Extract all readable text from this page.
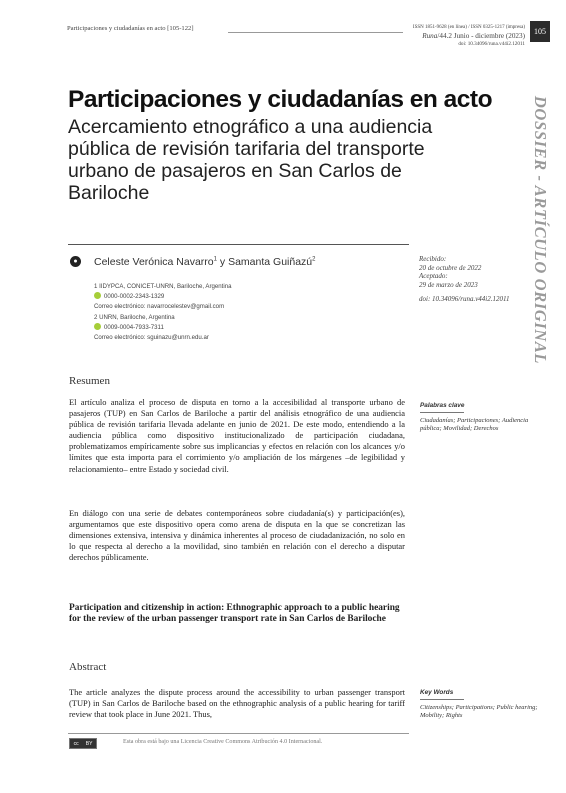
Participaciones y ciudadanías en acto [105-122]	ISSN 1851-9628 (en línea) / ISSN 0325-1217 (impresa)
Runa/44.2 Junio - diciembre (2023)
doi: 10.34096/runa.v44i2.12011
105
DOSSIER - ARTÍCULO ORIGINAL
Participaciones y ciudadanías en acto
Acercamiento etnográfico a una audiencia pública de revisión tarifaria del transporte urbano de pasajeros en San Carlos de Bariloche
●	Celeste Verónica Navarro$^1$ y Samanta Guiñazú$^2$
1 IIDYPCA, CONICET-UNRN, Bariloche, Argentina
0000-0002-2343-1329
Correo electrónico: navarrocelestev@gmail.com
2 UNRN, Bariloche, Argentina
0009-0004-7933-7311
Correo electrónico: sguinazu@unrn.edu.ar
Recibido:
20 de octubre de 2022
Aceptado:
29 de marzo de 2023
doi: 10.34096/runa.v44i2.12011
Resumen
El artículo analiza el proceso de disputa en torno a la accesibilidad al transporte urbano de pasajeros (TUP) en San Carlos de Bariloche a partir del análisis etnográfico de una audiencia pública de revisión tarifaria llevada adelante en junio de 2021. De este modo, entendiendo a la audiencia pública como dispositivo institucionalizado de participación ciudadana, problematizamos empíricamente sobre sus implicancias y efectos en relación con los alcances y/o límites que esta importa para el corrimiento y/o ampliación de los márgenes –de legibilidad y relacionamiento– entre Estado y sociedad civil.
En diálogo con una serie de debates contemporáneos sobre ciudadanía(s) y participación(es), argumentamos que este dispositivo opera como arena de disputa en la que se concretizan las dimensiones extensiva, intensiva y dinámica inherentes al proceso de ciudadanización, no solo en lo que respecta al derecho a la movilidad, sino también en relación con el derecho a disputar derechos públicamente.
Palabras clave
Ciudadanías; Participaciones; Audiencia pública; Movilidad; Derechos
Participation and citizenship in action: Ethnographic approach to a public hearing for the review of the urban passenger transport rate in San Carlos de Bariloche
Abstract
The article analyzes the dispute process around the accessibility to urban passenger transport (TUP) in San Carlos de Bariloche based on the ethnographic analysis of a public hearing for tariff review that took place in June 2021. Thus,
Key Words
Citizenships; Participations; Public hearing; Mobility; Rights
cc BY	Esta obra está bajo una Licencia Creative Commons Atribución 4.0 Internacional.
